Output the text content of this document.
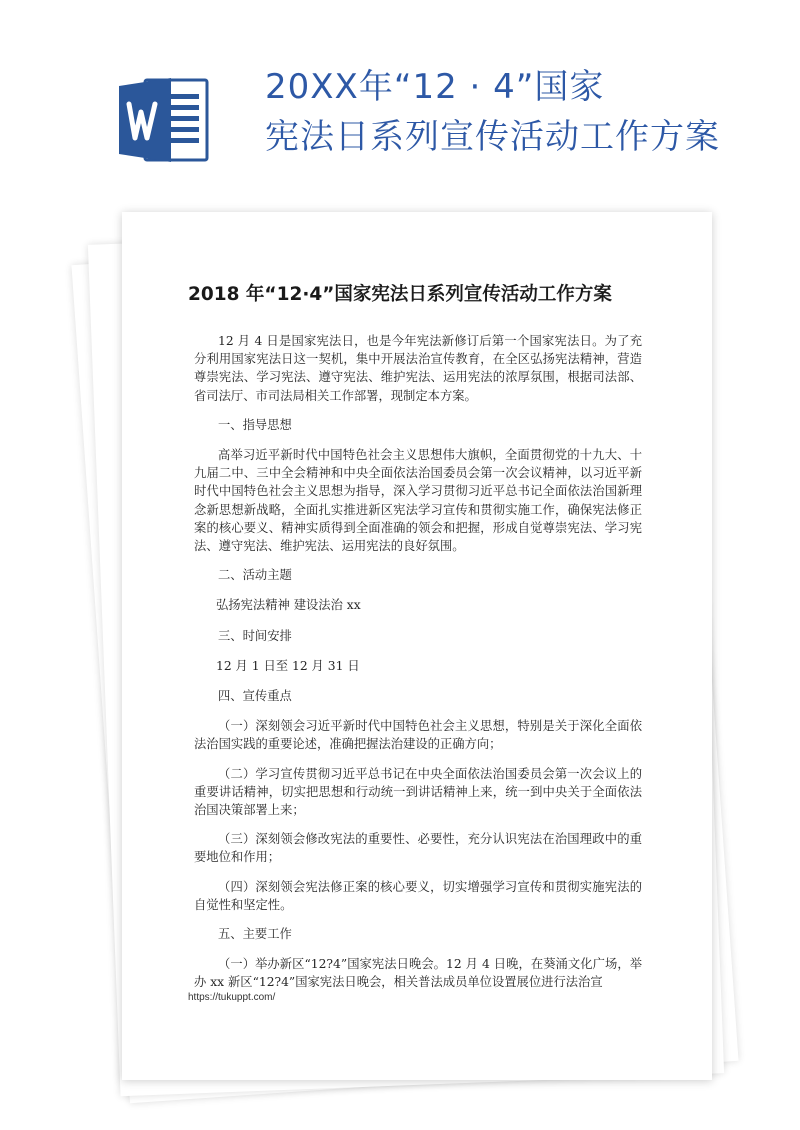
20XX年“12 · 4”国家
宪法日系列宣传活动工作方案
2018 年“12·4”国家宪法日系列宣传活动工作方案

12 月 4 日是国家宪法日，也是今年宪法新修订后第一个国家宪法日。为了充分利用国家宪法日这一契机，集中开展法治宣传教育，在全区弘扬宪法精神，营造尊崇宪法、学习宪法、遵守宪法、维护宪法、运用宪法的浓厚氛围，根据司法部、省司法厅、市司法局相关工作部署，现制定本方案。

一、指导思想

高举习近平新时代中国特色社会主义思想伟大旗帜，全面贯彻党的十九大、十九届二中、三中全会精神和中央全面依法治国委员会第一次会议精神，以习近平新时代中国特色社会主义思想为指导，深入学习贯彻习近平总书记全面依法治国新理念新思想新战略，全面扎实推进新区宪法学习宣传和贯彻实施工作，确保宪法修正案的核心要义、精神实质得到全面准确的领会和把握，形成自觉尊崇宪法、学习宪法、遵守宪法、维护宪法、运用宪法的良好氛围。

二、活动主题
弘扬宪法精神 建设法治 xx
三、时间安排
12 月 1 日至 12 月 31 日
四、宣传重点

（一）深刻领会习近平新时代中国特色社会主义思想，特别是关于深化全面依法治国实践的重要论述，准确把握法治建设的正确方向；

（二）学习宣传贯彻习近平总书记在中央全面依法治国委员会第一次会议上的重要讲话精神，切实把思想和行动统一到讲话精神上来，统一到中央关于全面依法治国决策部署上来；

（三）深刻领会修改宪法的重要性、必要性，充分认识宪法在治国理政中的重要地位和作用；

（四）深刻领会宪法修正案的核心要义，切实增强学习宣传和贯彻实施宪法的自觉性和坚定性。

五、主要工作

（一）举办新区“12?4”国家宪法日晚会。12 月 4 日晚，在葵涌文化广场，举办 xx 新区“12?4”国家宪法日晚会，相关普法成员单位设置展位进行法治宣

https://tukuppt.com/
